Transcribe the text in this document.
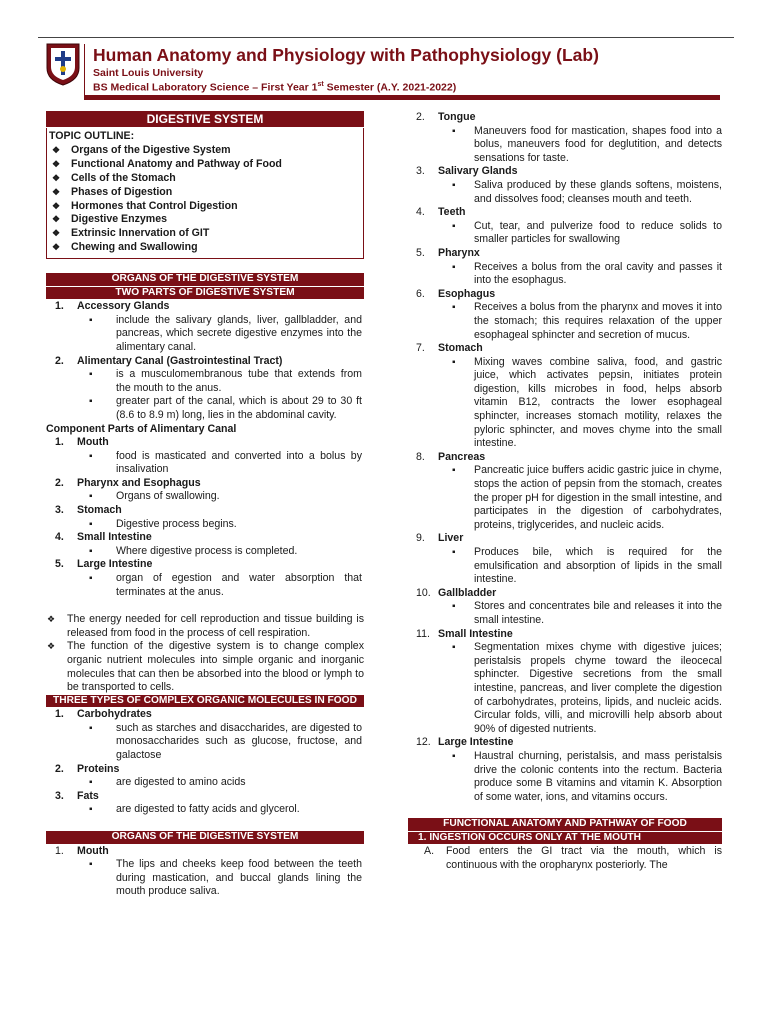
Human Anatomy and Physiology with Pathophysiology (Lab)
Saint Louis University
BS Medical Laboratory Science – First Year 1st Semester (A.Y. 2021-2022)
DIGESTIVE SYSTEM
TOPIC OUTLINE:
❖ Organs of the Digestive System
❖ Functional Anatomy and Pathway of Food
❖ Cells of the Stomach
❖ Phases of Digestion
❖ Hormones that Control Digestion
❖ Digestive Enzymes
❖ Extrinsic Innervation of GIT
❖ Chewing and Swallowing
ORGANS OF THE DIGESTIVE SYSTEM
TWO PARTS OF DIGESTIVE SYSTEM
1. Accessory Glands
▪ include the salivary glands, liver, gallbladder, and pancreas, which secrete digestive enzymes into the alimentary canal.
2. Alimentary Canal (Gastrointestinal Tract)
▪ is a musculomembranous tube that extends from the mouth to the anus.
▪ greater part of the canal, which is about 29 to 30 ft (8.6 to 8.9 m) long, lies in the abdominal cavity.
Component Parts of Alimentary Canal
1. Mouth
▪ food is masticated and converted into a bolus by insalivation
2. Pharynx and Esophagus
▪ Organs of swallowing.
3. Stomach
▪ Digestive process begins.
4. Small Intestine
▪ Where digestive process is completed.
5. Large Intestine
▪ organ of egestion and water absorption that terminates at the anus.
❖ The energy needed for cell reproduction and tissue building is released from food in the process of cell respiration.
❖ The function of the digestive system is to change complex organic nutrient molecules into simple organic and inorganic molecules that can then be absorbed into the blood or lymph to be transported to cells.
THREE TYPES OF COMPLEX ORGANIC MOLECULES IN FOOD
1. Carbohydrates
▪ such as starches and disaccharides, are digested to monosaccharides such as glucose, fructose, and galactose
2. Proteins
▪ are digested to amino acids
3. Fats
▪ are digested to fatty acids and glycerol.
ORGANS OF THE DIGESTIVE SYSTEM
1. Mouth
▪ The lips and cheeks keep food between the teeth during mastication, and buccal glands lining the mouth produce saliva.
2. Tongue
▪ Maneuvers food for mastication, shapes food into a bolus, maneuvers food for deglutition, and detects sensations for taste.
3. Salivary Glands
▪ Saliva produced by these glands softens, moistens, and dissolves food; cleanses mouth and teeth.
4. Teeth
▪ Cut, tear, and pulverize food to reduce solids to smaller particles for swallowing
5. Pharynx
▪ Receives a bolus from the oral cavity and passes it into the esophagus.
6. Esophagus
▪ Receives a bolus from the pharynx and moves it into the stomach; this requires relaxation of the upper esophageal sphincter and secretion of mucus.
7. Stomach
▪ Mixing waves combine saliva, food, and gastric juice, which activates pepsin, initiates protein digestion, kills microbes in food, helps absorb vitamin B12, contracts the lower esophageal sphincter, increases stomach motility, relaxes the pyloric sphincter, and moves chyme into the small intestine.
8. Pancreas
▪ Pancreatic juice buffers acidic gastric juice in chyme, stops the action of pepsin from the stomach, creates the proper pH for digestion in the small intestine, and participates in the digestion of carbohydrates, proteins, triglycerides, and nucleic acids.
9. Liver
▪ Produces bile, which is required for the emulsification and absorption of lipids in the small intestine.
10. Gallbladder
▪ Stores and concentrates bile and releases it into the small intestine.
11. Small Intestine
▪ Segmentation mixes chyme with digestive juices; peristalsis propels chyme toward the ileocecal sphincter. Digestive secretions from the small intestine, pancreas, and liver complete the digestion of carbohydrates, proteins, lipids, and nucleic acids. Circular folds, villi, and microvilli help absorb about 90% of digested nutrients.
12. Large Intestine
▪ Haustral churning, peristalsis, and mass peristalsis drive the colonic contents into the rectum. Bacteria produce some B vitamins and vitamin K. Absorption of some water, ions, and vitamins occurs.
FUNCTIONAL ANATOMY AND PATHWAY OF FOOD
1. INGESTION OCCURS ONLY AT THE MOUTH
A. Food enters the GI tract via the mouth, which is continuous with the oropharynx posteriorly. The
